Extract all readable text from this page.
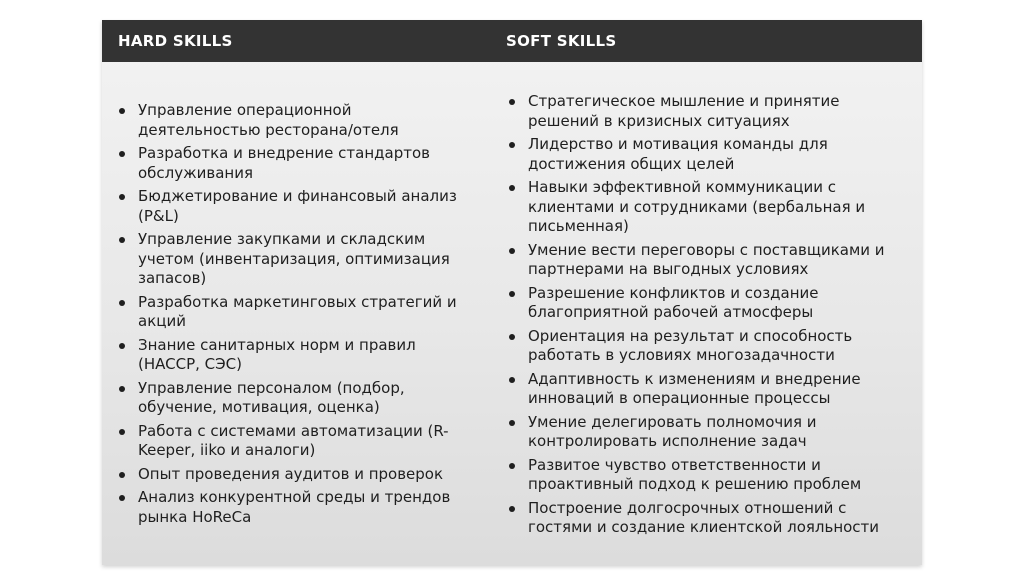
HARD SKILLS	SOFT SKILLS
Управление операционной деятельностью ресторана/отеля
Разработка и внедрение стандартов обслуживания
Бюджетирование и финансовый анализ (P&L)
Управление закупками и складским учетом (инвентаризация, оптимизация запасов)
Разработка маркетинговых стратегий и акций
Знание санитарных норм и правил (HACCP, СЭС)
Управление персоналом (подбор, обучение, мотивация, оценка)
Работа с системами автоматизации (R-Keeper, iiko и аналоги)
Опыт проведения аудитов и проверок
Анализ конкурентной среды и трендов рынка HoReCa
Стратегическое мышление и принятие решений в кризисных ситуациях
Лидерство и мотивация команды для достижения общих целей
Навыки эффективной коммуникации с клиентами и сотрудниками (вербальная и письменная)
Умение вести переговоры с поставщиками и партнерами на выгодных условиях
Разрешение конфликтов и создание благоприятной рабочей атмосферы
Ориентация на результат и способность работать в условиях многозадачности
Адаптивность к изменениям и внедрение инноваций в операционные процессы
Умение делегировать полномочия и контролировать исполнение задач
Развитое чувство ответственности и проактивный подход к решению проблем
Построение долгосрочных отношений с гостями и создание клиентской лояльности
